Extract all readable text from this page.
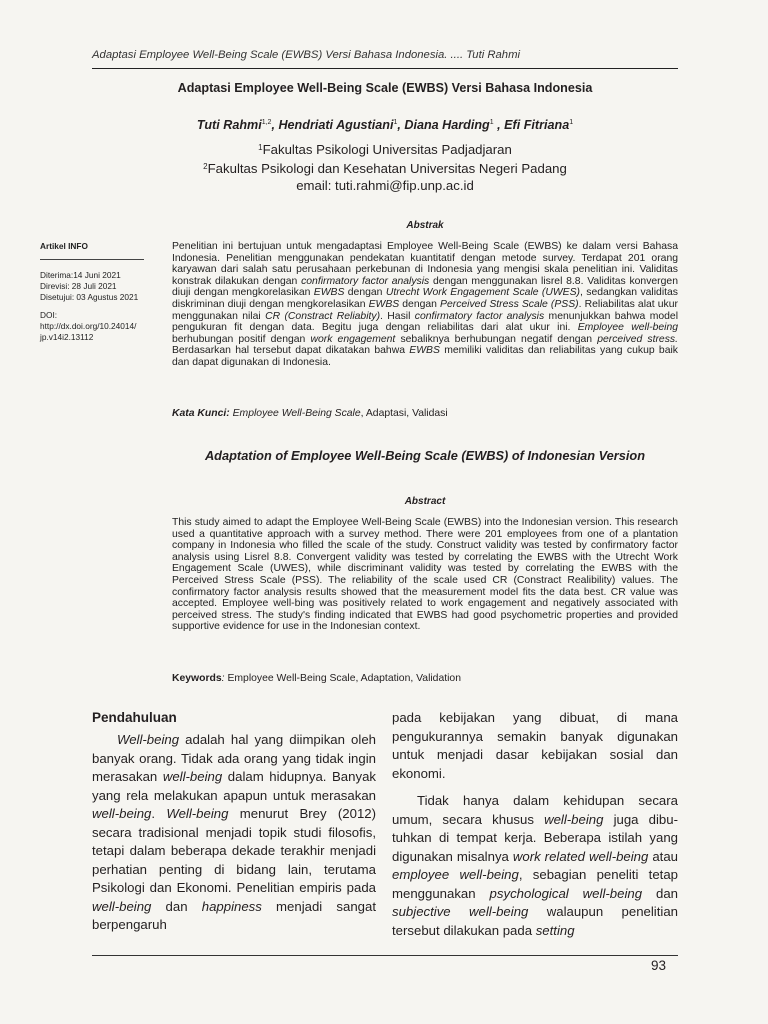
Adaptasi Employee Well-Being Scale (EWBS) Versi Bahasa Indonesia. .... Tuti Rahmi
Adaptasi Employee Well-Being Scale (EWBS) Versi Bahasa Indonesia
Tuti Rahmi$^{1,2}$, Hendriati Agustiani$^1$, Diana Harding$^1$ , Efi Fitriana$^1$
$^1$Fakultas Psikologi Universitas Padjadjaran
$^2$Fakultas Psikologi dan Kesehatan Universitas Negeri Padang
email: tuti.rahmi@fip.unp.ac.id
Abstrak
Artikel INFO
Diterima:14 Juni 2021
Direvisi: 28 Juli 2021
Disetujui: 03 Agustus 2021
DOI:
http://dx.doi.org/10.24014/
jp.v14i2.13112
Penelitian ini bertujuan untuk mengadaptasi Employee Well-Being Scale (EWBS) ke dalam versi Bahasa Indonesia. Penelitian menggunakan pendekatan kuantitatif dengan metode survey. Terdapat 201 orang karyawan dari salah satu perusahaan perkebunan di Indonesia yang mengisi skala penelitian ini. Validitas konstrak dilakukan dengan confirmatory factor analysis dengan menggunakan lisrel 8.8. Validitas konvergen diuji dengan mengkorelasikan EWBS dengan Utrecht Work Engagement Scale (UWES), sedangkan validitas diskriminan diuji dengan mengkorelasikan EWBS dengan Perceived Stress Scale (PSS). Reliabilitas alat ukur menggunakan nilai CR (Constract Reliabity). Hasil confirmatory factor analysis menunjukkan bahwa model pengukuran fit dengan data. Begitu juga dengan reliabilitas dari alat ukur ini. Employee well-being berhubungan positif dengan work engagement sebaliknya berhubungan negatif dengan perceived stress. Berdasarkan hal tersebut dapat dikatakan bahwa EWBS memiliki validitas dan reliabilitas yang cukup baik dan dapat digunakan di Indonesia.
Kata Kunci: Employee Well-Being Scale, Adaptasi, Validasi
Adaptation of Employee Well-Being Scale (EWBS) of Indonesian Version
Abstract
This study aimed to adapt the Employee Well-Being Scale (EWBS) into the Indonesian version. This research used a quantitative approach with a survey method. There were 201 employees from one of a plantation company in Indonesia who filled the scale of the study. Construct validity was tested by confirmatory factor analysis using Lisrel 8.8. Convergent validity was tested by correlating the EWBS with the Utrecht Work Engagement Scale (UWES), while discriminant validity was tested by correlating the EWBS with the Perceived Stress Scale (PSS). The reliability of the scale used CR (Constract Realibility) values. The confirmatory factor analysis results showed that the measurement model fits the data best. CR value was accepted. Employee well-bing was positively related to work engagement and negatively associated with perceived stress. The study's finding indicated that EWBS had good psychometric properties and provided supportive evidence for use in the Indonesian context.
Keywords: Employee Well-Being Scale, Adaptation, Validation
Pendahuluan

Well-being adalah hal yang diimpikan oleh banyak orang. Tidak ada orang yang tidak ingin merasakan well-being dalam hidupnya. Banyak yang rela melakukan apapun untuk merasakan well-being. Well-being menurut Brey (2012) secara tradisional menjadi topik studi filosofis, tetapi dalam beberapa dekade terakhir menjadi perhatian penting di bidang lain, terutama Psikologi dan Ekonomi. Penelitian empiris pada well-being dan happiness menjadi sangat berpengaruh

pada kebijakan yang dibuat, di mana pengukurannya semakin banyak digunakan untuk menjadi dasar kebijakan sosial dan ekonomi.

Tidak hanya dalam kehidupan secara umum, secara khusus well-being juga dibutuhkan di tempat kerja. Beberapa istilah yang digunakan misalnya work related well-being atau employee well-being, sebagian peneliti tetap menggunakan psychological well-being dan subjective well-being walaupun penelitian tersebut dilakukan pada setting

93
